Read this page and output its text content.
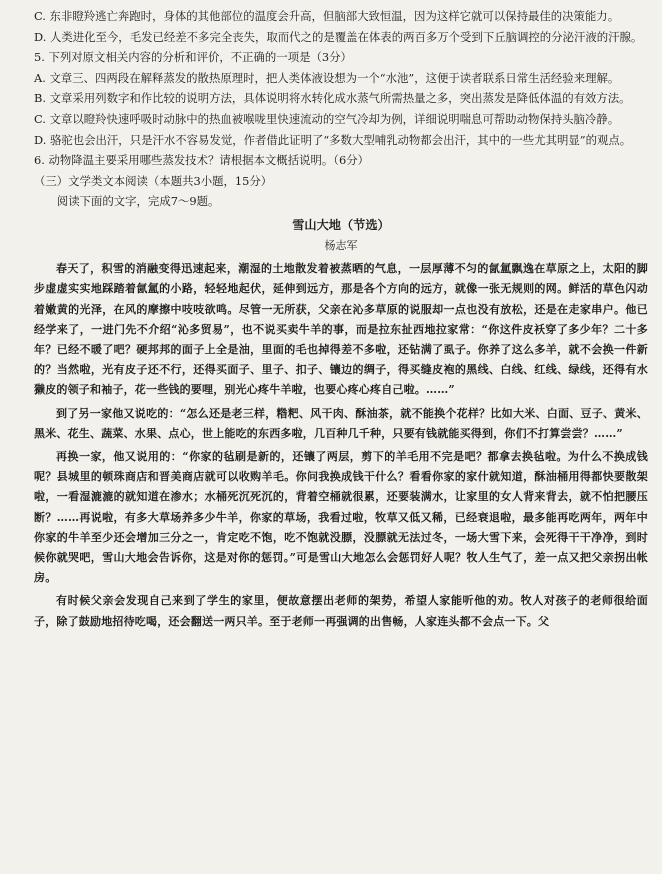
C. 东非瞪羚逃亡奔跑时，身体的其他部位的温度会升高，但脑部大致恒温，因为这样它就可以保持最佳的决策能力。

D. 人类进化至今，毛发已经差不多完全丧失，取而代之的是覆盖在体表的两百多万个受到下丘脑调控的分泌汗液的汗腺。

5. 下列对原文相关内容的分析和评价，不正确的一项是（3分）

A. 文章三、四两段在解释蒸发的散热原理时，把人类体液设想为一个“水池”，这便于读者联系日常生活经验来理解。

B. 文章采用列数字和作比较的说明方法，具体说明将水转化成水蒸气所需热量之多，突出蒸发是降低体温的有效方法。

C. 文章以瞪羚快速呼吸时动脉中的热血被喉咙里快速流动的空气冷却为例，详细说明喘息可帮助动物保持头脑冷静。

D. 骆驼也会出汗，只是汗水不容易发觉，作者借此证明了“多数大型哺乳动物都会出汗，其中的一些尤其明显”的观点。

6. 动物降温主要采用哪些蒸发技术？请根据本文概括说明。（6分）

（三）文学类文本阅读（本题共3小题，15分）

阅读下面的文字，完成7～9题。

雪山大地（节选）

杨志军

春天了，积雪的消融变得迅速起来，潮湿的土地散发着被蒸晒的气息，一层厚薄不匀的氤氲飘逸在草原之上，太阳的脚步虚虚实实地踩踏着氤氲的小路，轻轻地起伏，延伸到远方，那是各个方向的远方，就像一张无规则的网。鲜活的草色闪动着嫩黄的光泽，在风的摩擦中吱吱欲鸣。尽管一无所获，父亲在沁多草原的说服却一点也没有放松，还是在走家串户。他已经学来了，一进门先不介绍“沁多贸易”，也不说买卖牛羊的事，而是拉东扯西地拉家常：“你这件皮袄穿了多少年？二十多年？已经不暖了吧？硬邦邦的面子上全是油，里面的毛也掉得差不多啦，还钻满了虱子。你养了这么多羊，就不会换一件新的？当然啦，光有皮子还不行，还得买面子、里子、扣子、镶边的绸子，得买缝皮袍的黑线、白线、红线、绿线，还得有水獭皮的领子和袖子，花一些钱的要哩，别光心疼牛羊啦，也要心疼心疼自己啦。……”

到了另一家他又说吃的：“怎么还是老三样，糌粑、风干肉、酥油茶，就不能换个花样？比如大米、白面、豆子、黄米、黑米、花生、蔬菜、水果、点心，世上能吃的东西多啦，几百种几千种，只要有钱就能买得到，你们不打算尝尝？……”

再换一家，他又说用的：“你家的毡刷是新的，还镶了两层，剪下的羊毛用不完是吧？都拿去换毡啦。为什么不换成钱呢？县城里的顿珠商店和晋美商店就可以收购羊毛。你问我换成钱干什么？看看你家的家什就知道，酥油桶用得都快要散架啦，一看湿漉漉的就知道在渗水；水桶死沉死沉的，背着空桶就很累，还要装满水，让家里的女人背来背去，就不怕把腰压断？……再说啦，有多大草场养多少牛羊，你家的草场，我看过啦，牧草又低又稀，已经衰退啦，最多能再吃两年，两年中你家的牛羊至少还会增加三分之一，肯定吃不饱，吃不饱就没膘，没膘就无法过冬，一场大雪下来，会死得干干净净，到时候你就哭吧，雪山大地会告诉你，这是对你的惩罚。”可是雪山大地怎么会惩罚好人呢？牧人生气了，差一点又把父亲拐出帐房。

有时候父亲会发现自己来到了学生的家里，便故意摆出老师的架势，希望人家能听他的劝。牧人对孩子的老师很给面子，除了鼓励地招待吃喝，还会翻送一两只羊。至于老师一再强调的出售畅，人家连头都不会点一下。父
